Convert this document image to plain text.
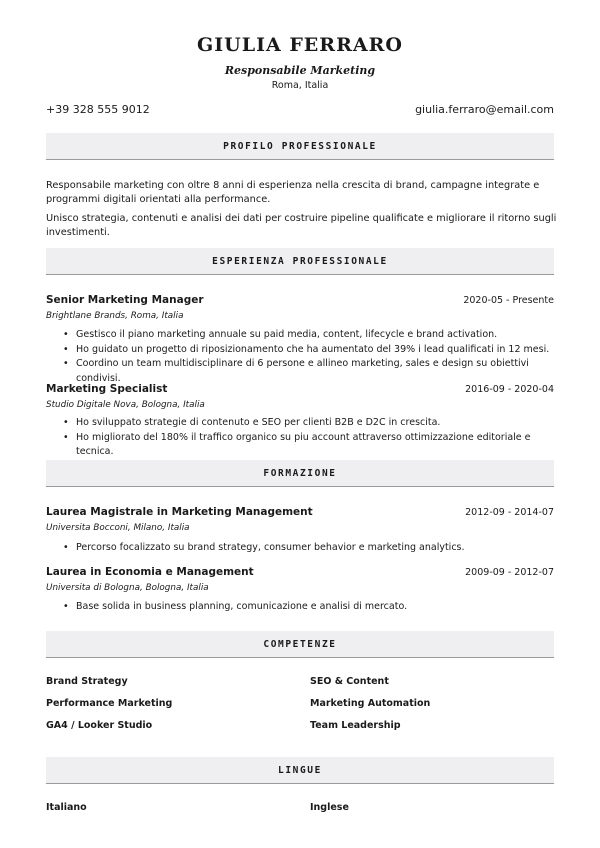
GIULIA FERRARO
Responsabile Marketing
Roma, Italia
+39 328 555 9012	giulia.ferraro@email.com
PROFILO PROFESSIONALE

Responsabile marketing con oltre 8 anni di esperienza nella crescita di brand, campagne integrate e programmi digitali orientati alla performance.

Unisco strategia, contenuti e analisi dei dati per costruire pipeline qualificate e migliorare il ritorno sugli investimenti.

ESPERIENZA PROFESSIONALE
Senior Marketing Manager	2020-05 - Presente
Brightlane Brands, Roma, Italia
• Gestisco il piano marketing annuale su paid media, content, lifecycle e brand activation.
• Ho guidato un progetto di riposizionamento che ha aumentato del 39% i lead qualificati in 12 mesi.
• Coordino un team multidisciplinare di 6 persone e allineo marketing, sales e design su obiettivi condivisi.
Marketing Specialist	2016-09 - 2020-04
Studio Digitale Nova, Bologna, Italia
• Ho sviluppato strategie di contenuto e SEO per clienti B2B e D2C in crescita.
• Ho migliorato del 180% il traffico organico su piu account attraverso ottimizzazione editoriale e tecnica.
FORMAZIONE
Laurea Magistrale in Marketing Management	2012-09 - 2014-07
Universita Bocconi, Milano, Italia
• Percorso focalizzato su brand strategy, consumer behavior e marketing analytics.
Laurea in Economia e Management	2009-09 - 2012-07
Universita di Bologna, Bologna, Italia
• Base solida in business planning, comunicazione e analisi di mercato.
COMPETENZE
Brand Strategy	SEO & Content
Performance Marketing	Marketing Automation
GA4 / Looker Studio	Team Leadership
LINGUE
Italiano	Inglese
